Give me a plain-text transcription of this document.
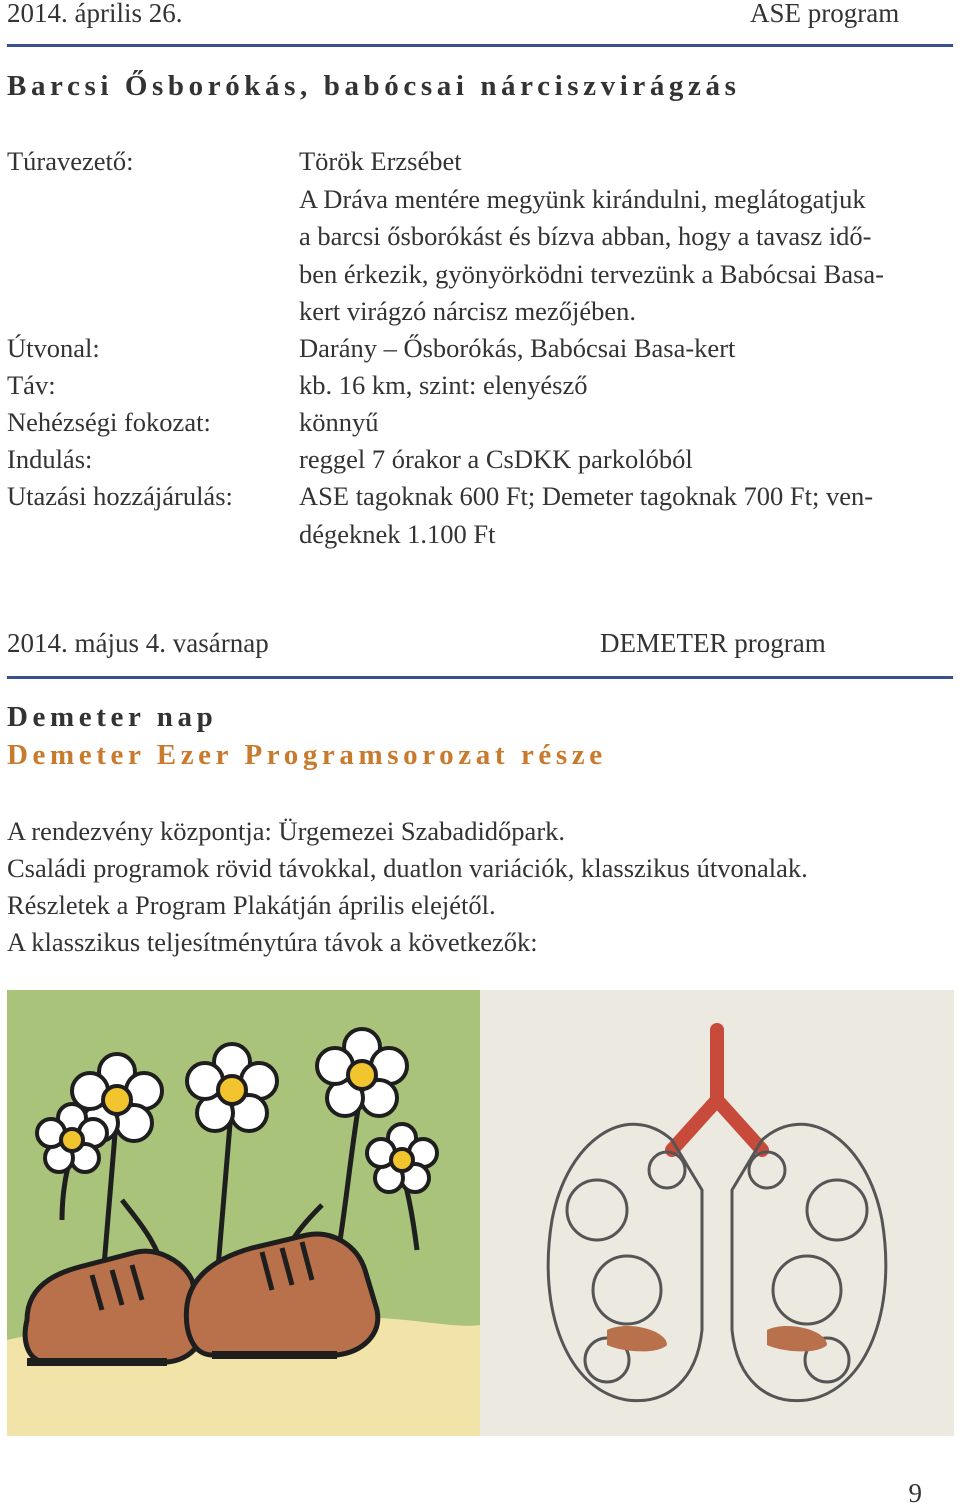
2014. április 26.	ASE program
Barcsi Ősborókás, babócsai nárciszvirágzás
Túravezető:	Török Erzsébet
A Dráva mentére megyünk kirándulni, meglátogatjuk
a barcsi ősborókást és bízva abban, hogy a tavasz idő-
ben érkezik, gyönyörködni tervezünk a Babócsai Basa-
kert virágzó nárcisz mezőjében.
Útvonal:	Darány – Ősborókás, Babócsai Basa-kert
Táv:	kb. 16 km, szint: elenyésző
Nehézségi fokozat:	könnyű
Indulás:	reggel 7 órakor a CsDKK parkolóból
Utazási hozzájárulás: ASE tagoknak 600 Ft; Demeter tagoknak 700 Ft; ven-
dégeknek 1.100 Ft
2014. május 4. vasárnap	DEMETER program
Demeter nap
Demeter Ezer Programsorozat része
A rendezvény központja: Ürgemezei Szabadidőpark.
Családi programok rövid távokkal, duatlon variációk, klasszikus útvonalak.
Részletek a Program Plakátján április elejétől.
A klasszikus teljesítménytúra távok a következők:
9
